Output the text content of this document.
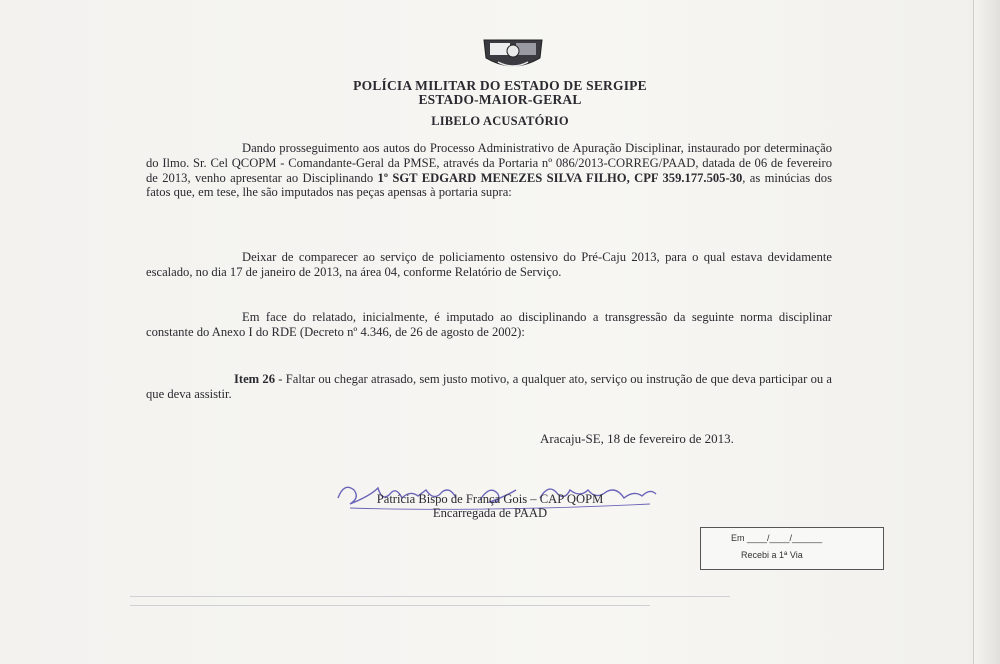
POLÍCIA MILITAR DO ESTADO DE SERGIPE
ESTADO-MAIOR-GERAL
LIBELO ACUSATÓRIO
Dando prosseguimento aos autos do Processo Administrativo de Apuração Disciplinar, instaurado por determinação do Ilmo. Sr. Cel QCOPM - Comandante-Geral da PMSE, através da Portaria nº 086/2013-CORREG/PAAD, datada de 06 de fevereiro de 2013, venho apresentar ao Disciplinando 1º SGT EDGARD MENEZES SILVA FILHO, CPF 359.177.505-30, as minúcias dos fatos que, em tese, lhe são imputados nas peças apensas à portaria supra:
Deixar de comparecer ao serviço de policiamento ostensivo do Pré-Caju 2013, para o qual estava devidamente escalado, no dia 17 de janeiro de 2013, na área 04, conforme Relatório de Serviço.
Em face do relatado, inicialmente, é imputado ao disciplinando a transgressão da seguinte norma disciplinar constante do Anexo I do RDE (Decreto nº 4.346, de 26 de agosto de 2002):
Item 26 - Faltar ou chegar atrasado, sem justo motivo, a qualquer ato, serviço ou instrução de que deva participar ou a que deva assistir.
Aracaju-SE, 18 de fevereiro de 2013.
Patrícia Bispo de França Gois – CAP QOPM
Encarregada de PAAD
Em ____/____/______
Recebi a 1ª Via
